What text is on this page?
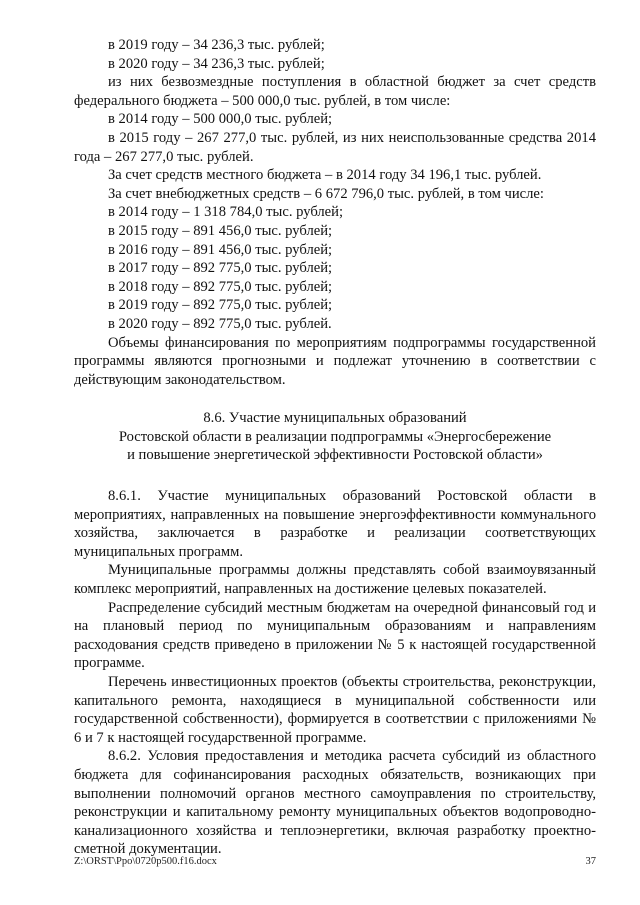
в 2019 году – 34 236,3 тыс. рублей;

в 2020 году – 34 236,3 тыс. рублей;

из них безвозмездные поступления в областной бюджет за счет средств федерального бюджета – 500 000,0 тыс. рублей, в том числе:

в 2014 году – 500 000,0 тыс. рублей;

в 2015 году – 267 277,0 тыс. рублей, из них неиспользованные средства 2014 года – 267 277,0 тыс. рублей.

За счет средств местного бюджета – в 2014 году 34 196,1 тыс. рублей.

За счет внебюджетных средств – 6 672 796,0 тыс. рублей, в том числе:

в 2014 году – 1 318 784,0 тыс. рублей;

в 2015 году – 891 456,0 тыс. рублей;

в 2016 году – 891 456,0 тыс. рублей;

в 2017 году – 892 775,0 тыс. рублей;

в 2018 году – 892 775,0 тыс. рублей;

в 2019 году – 892 775,0 тыс. рублей;

в 2020 году – 892 775,0 тыс. рублей.

Объемы финансирования по мероприятиям подпрограммы государственной программы являются прогнозными и подлежат уточнению в соответствии с действующим законодательством.

8.6. Участие муниципальных образований

Ростовской области в реализации подпрограммы «Энергосбережение

и повышение энергетической эффективности Ростовской области»

8.6.1. Участие муниципальных образований Ростовской области в мероприятиях, направленных на повышение энергоэффективности коммунального хозяйства, заключается в разработке и реализации соответствующих муниципальных программ.

Муниципальные программы должны представлять собой взаимоувязанный комплекс мероприятий, направленных на достижение целевых показателей.

Распределение субсидий местным бюджетам на очередной финансовый год и на плановый период по муниципальным образованиям и направлениям расходования средств приведено в приложении № 5 к настоящей государственной программе.

Перечень инвестиционных проектов (объекты строительства, реконструкции, капитального ремонта, находящиеся в муниципальной собственности или государственной собственности), формируется в соответствии с приложениями № 6 и 7 к настоящей государственной программе.

8.6.2. Условия предоставления и методика расчета субсидий из областного бюджета для софинансирования расходных обязательств, возникающих при выполнении полномочий органов местного самоуправления по строительству, реконструкции и капитальному ремонту муниципальных объектов водопроводно-канализационного хозяйства и теплоэнергетики, включая разработку проектно-сметной документации.

Z:\ORST\Ppo\0720p500.f16.docx	37
